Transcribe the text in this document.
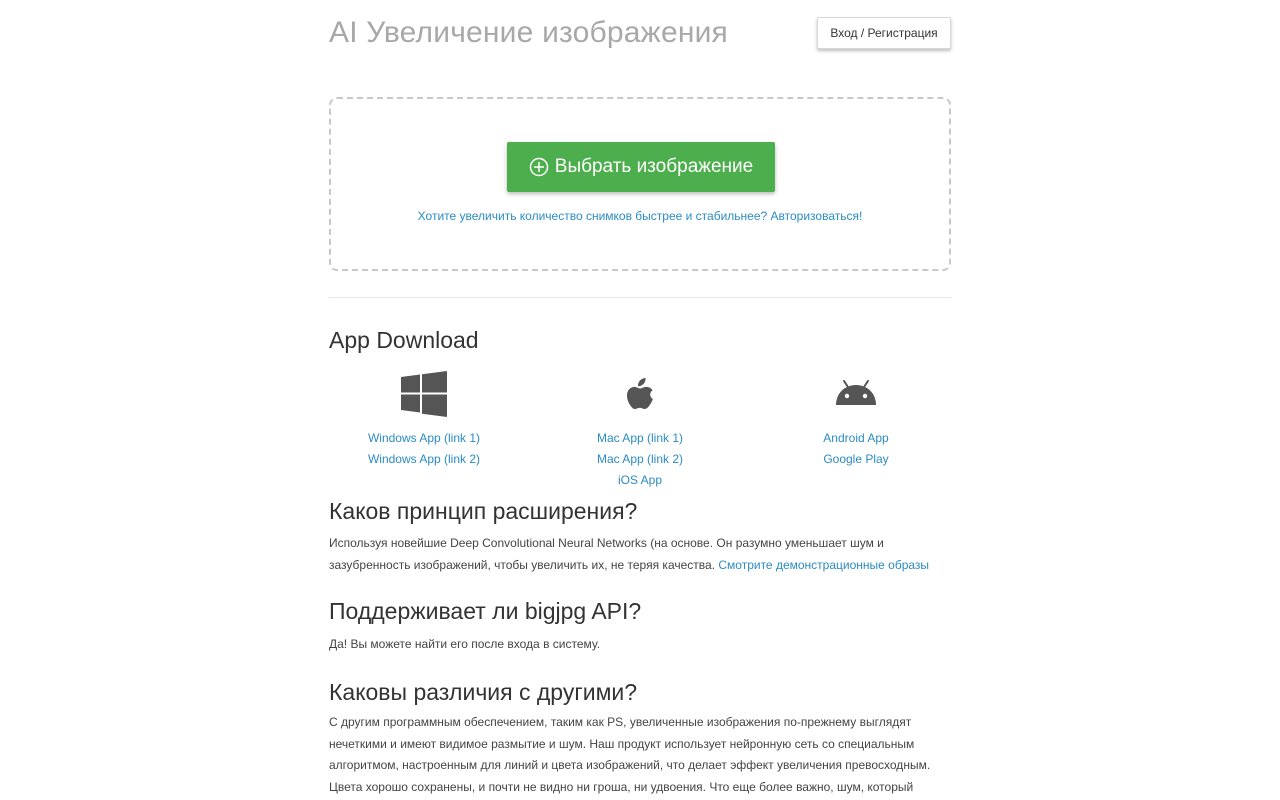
AI Увеличение изображения	Вход / Регистрация
Выбрать изображение
Хотите увеличить количество снимков быстрее и стабильнее? Авторизоваться!
App Download
Windows App (link 1)
Windows App (link 2)
Mac App (link 1)
Mac App (link 2)
iOS App
Android App
Google Play
Каков принцип расширения?

Используя новейшие Deep Convolutional Neural Networks (на основе. Он разумно уменьшает шум и зазубренность изображений, чтобы увеличить их, не теряя качества. Смотрите демонстрационные образы

Поддерживает ли bigjpg API?

Да! Вы можете найти его после входа в систему.

Каковы различия с другими?

С другим программным обеспечением, таким как PS, увеличенные изображения по-прежнему выглядят нечеткими и имеют видимое размытие и шум. Наш продукт использует нейронную сеть со специальным алгоритмом, настроенным для линий и цвета изображений, что делает эффект увеличения превосходным. Цвета хорошо сохранены, и почти не видно ни гроша, ни удвоения. Что еще более важно, шум, который
